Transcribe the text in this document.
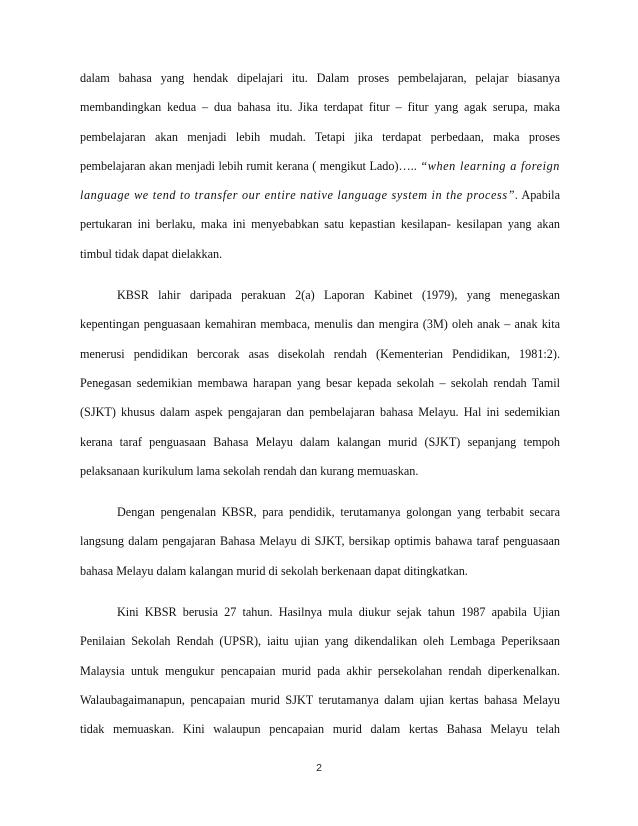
dalam bahasa yang hendak dipelajari itu. Dalam proses pembelajaran, pelajar biasanya membandingkan kedua – dua bahasa itu. Jika terdapat fitur – fitur yang agak serupa, maka pembelajaran akan menjadi lebih mudah. Tetapi jika terdapat perbedaan, maka proses pembelajaran akan menjadi lebih rumit kerana ( mengikut Lado)….. “when learning a foreign language we tend to transfer our entire native language system in the process”. Apabila pertukaran ini berlaku, maka ini menyebabkan satu kepastian kesilapan- kesilapan yang akan timbul tidak dapat dielakkan.

KBSR lahir daripada perakuan 2(a) Laporan Kabinet (1979), yang menegaskan kepentingan penguasaan kemahiran membaca, menulis dan mengira (3M) oleh anak – anak kita menerusi pendidikan bercorak asas disekolah rendah (Kementerian Pendidikan, 1981:2). Penegasan sedemikian membawa harapan yang besar kepada sekolah – sekolah rendah Tamil (SJKT) khusus dalam aspek pengajaran dan pembelajaran bahasa Melayu. Hal ini sedemikian kerana taraf penguasaan Bahasa Melayu dalam kalangan murid (SJKT) sepanjang tempoh pelaksanaan kurikulum lama sekolah rendah dan kurang memuaskan.

Dengan pengenalan KBSR, para pendidik, terutamanya golongan yang terbabit secara langsung dalam pengajaran Bahasa Melayu di SJKT, bersikap optimis bahawa taraf penguasaan bahasa Melayu dalam kalangan murid di sekolah berkenaan dapat ditingkatkan.

Kini KBSR berusia 27 tahun. Hasilnya mula diukur sejak tahun 1987 apabila Ujian Penilaian Sekolah Rendah (UPSR), iaitu ujian yang dikendalikan oleh Lembaga Peperiksaan Malaysia untuk mengukur pencapaian murid pada akhir persekolahan rendah diperkenalkan. Walaubagaimanapun, pencapaian murid SJKT terutamanya dalam ujian kertas bahasa Melayu tidak memuaskan. Kini walaupun pencapaian murid dalam kertas Bahasa Melayu telah

2
